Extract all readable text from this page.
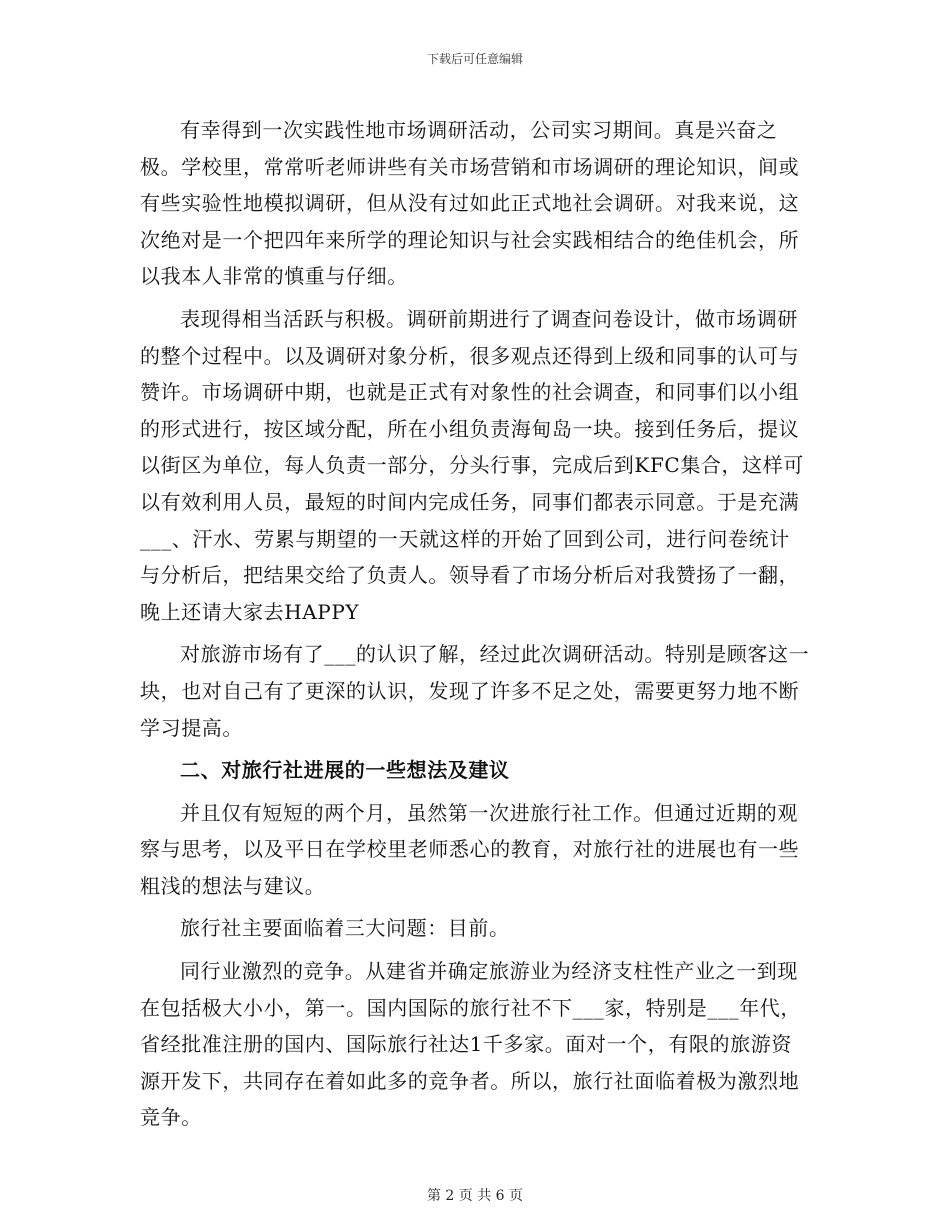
下载后可任意编辑

有幸得到一次实践性地市场调研活动，公司实习期间。真是兴奋之极。学校里，常常听老师讲些有关市场营销和市场调研的理论知识，间或有些实验性地模拟调研，但从没有过如此正式地社会调研。对我来说，这次绝对是一个把四年来所学的理论知识与社会实践相结合的绝佳机会，所以我本人非常的慎重与仔细。

表现得相当活跃与积极。调研前期进行了调查问卷设计，做市场调研的整个过程中。以及调研对象分析，很多观点还得到上级和同事的认可与赞许。市场调研中期，也就是正式有对象性的社会调查，和同事们以小组的形式进行，按区域分配，所在小组负责海甸岛一块。接到任务后，提议以街区为单位，每人负责一部分，分头行事，完成后到KFC集合，这样可以有效利用人员，最短的时间内完成任务，同事们都表示同意。于是充满___、汗水、劳累与期望的一天就这样的开始了回到公司，进行问卷统计与分析后，把结果交给了负责人。领导看了市场分析后对我赞扬了一翻，晚上还请大家去HAPPY

对旅游市场有了___的认识了解，经过此次调研活动。特别是顾客这一块，也对自己有了更深的认识，发现了许多不足之处，需要更努力地不断学习提高。

二、对旅行社进展的一些想法及建议

并且仅有短短的两个月，虽然第一次进旅行社工作。但通过近期的观察与思考，以及平日在学校里老师悉心的教育，对旅行社的进展也有一些粗浅的想法与建议。

旅行社主要面临着三大问题：目前。

同行业激烈的竞争。从建省并确定旅游业为经济支柱性产业之一到现在包括极大小小，第一。国内国际的旅行社不下___家，特别是___年代，省经批准注册的国内、国际旅行社达1千多家。面对一个，有限的旅游资源开发下，共同存在着如此多的竞争者。所以，旅行社面临着极为激烈地竞争。

第 2 页 共 6 页
